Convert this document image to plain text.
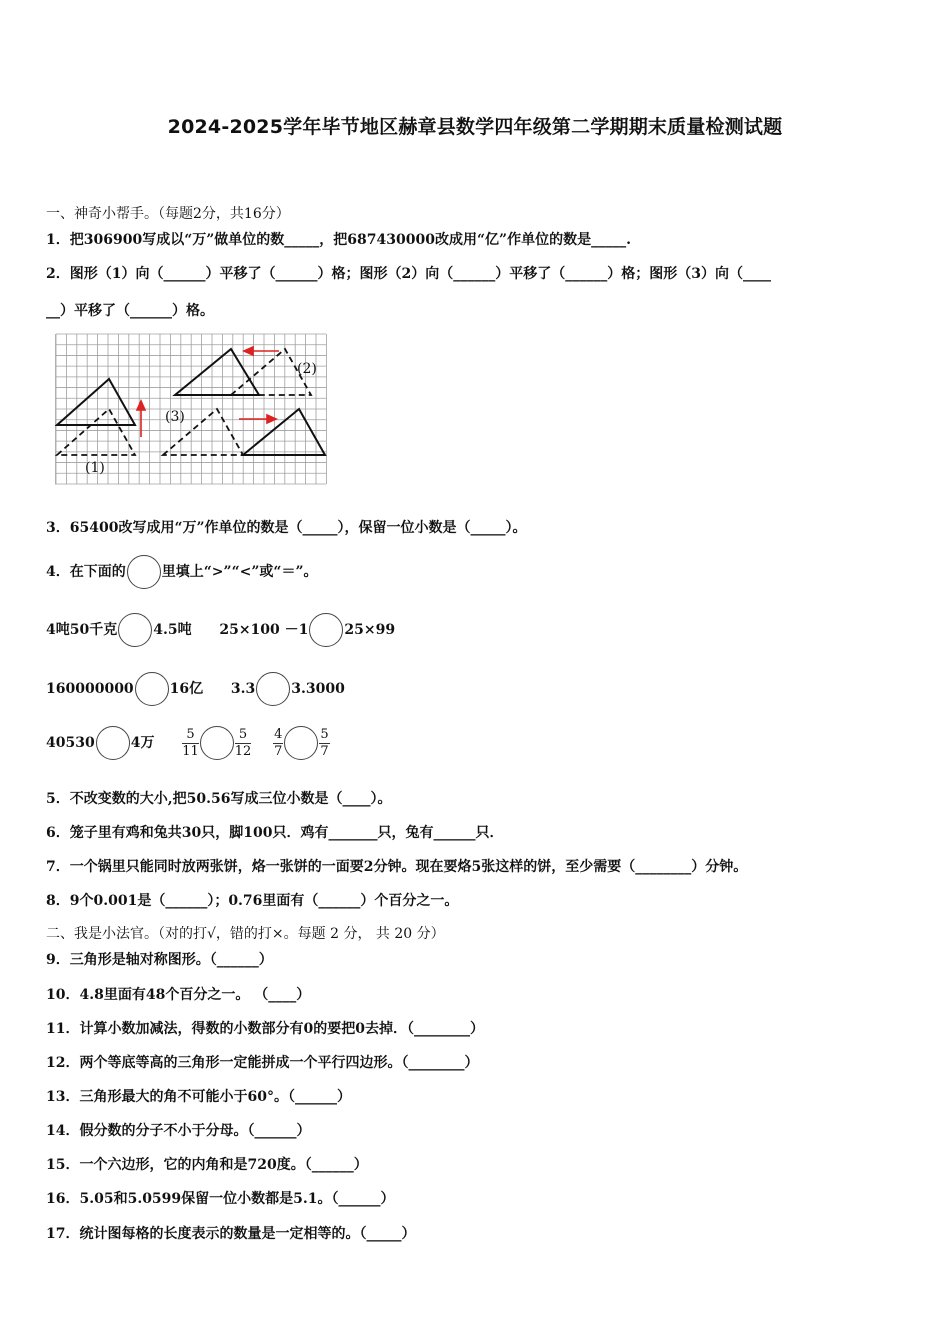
2024-2025学年毕节地区赫章县数学四年级第二学期期末质量检测试题
一、神奇小帮手。（每题2分，共16分）
1．把306900写成以“万”做单位的数_____，把687430000改成用“亿”作单位的数是_____.
2．图形（1）向（______）平移了（______）格；图形（2）向（______）平移了（______）格；图形（3）向（____
__）平移了（______）格。
(1)
(2)
(3)
3．65400改写成用“万”作单位的数是（_____），保留一位小数是（_____）。
4．在下面的	里填上“>”“<”或“＝”。
4吨50千克	4.5吨 25×100 －1	25×99
160000000	16亿 3.3	3.3000
40530	4万 $\frac{5}{11}$	$\frac{5}{12}$
$\frac{4}{7}$	$\frac{5}{7}$
5．不改变数的大小,把50.56写成三位小数是（____）。
6．笼子里有鸡和兔共30只，脚100只．鸡有_______只，兔有______只．
7．一个锅里只能同时放两张饼，烙一张饼的一面要2分钟。现在要烙5张这样的饼，至少需要（________）分钟。
8．9个0.001是（______）；0.76里面有（______）个百分之一。
二、我是小法官。（对的打√，错的打×。每题 2 分， 共 20 分）
9．三角形是轴对称图形。（______）
10．4.8里面有48个百分之一。 （____）
11．计算小数加减法，得数的小数部分有0的要把0去掉．（________）
12．两个等底等高的三角形一定能拼成一个平行四边形。（________）
13．三角形最大的角不可能小于60°。（______）
14．假分数的分子不小于分母。（______）
15．一个六边形，它的内角和是720度。（______）
16．5.05和5.0599保留一位小数都是5.1。（______）
17．统计图每格的长度表示的数量是一定相等的。（_____）
